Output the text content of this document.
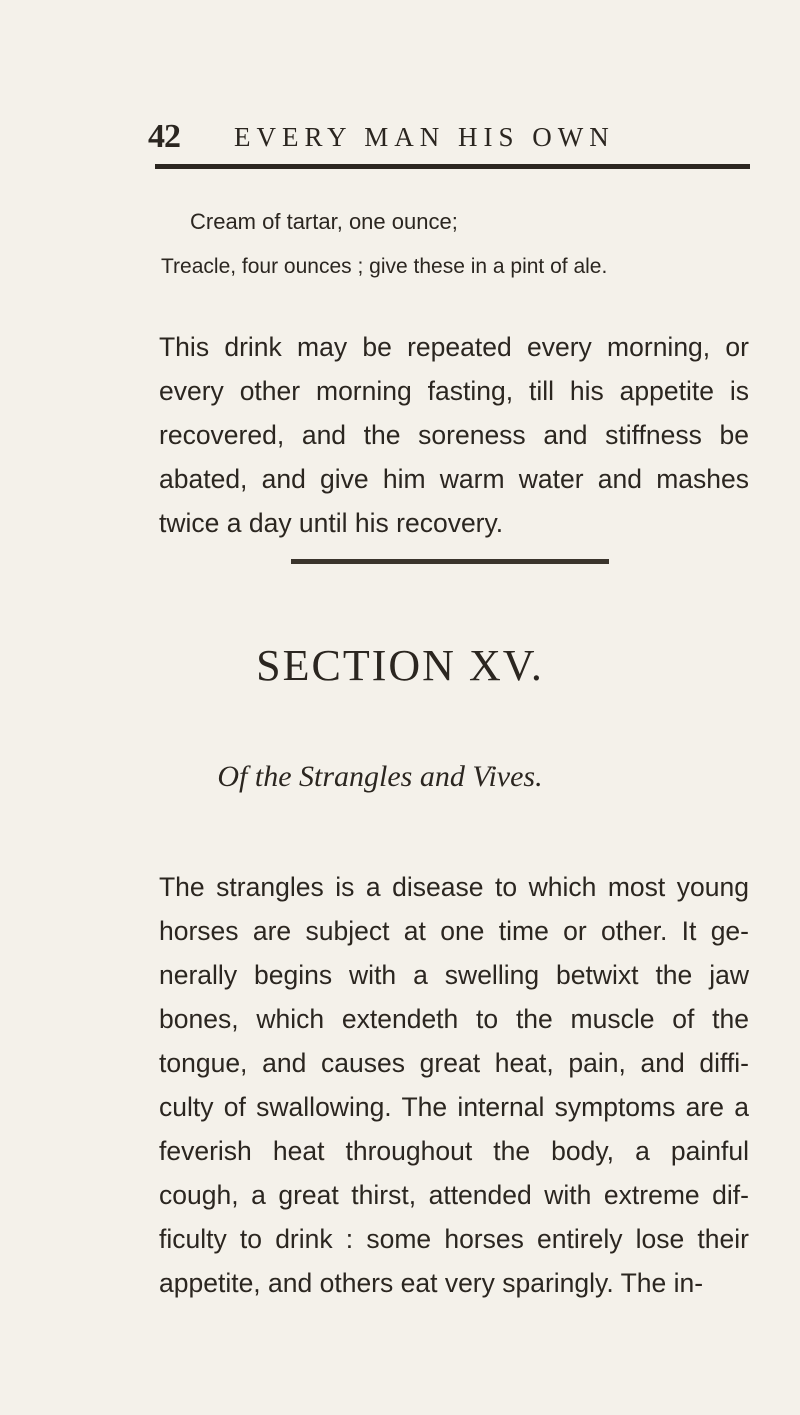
42 EVERY MAN HIS OWN
Cream of tartar, one ounce;
Treacle, four ounces ; give these in a pint of ale.

This drink may be repeated every morning, or every other morning fasting, till his appetite is recovered, and the soreness and stiffness be abated, and give him warm water and mashes twice a day until his recovery.

SECTION XV.
Of the Strangles and Vives.

The strangles is a disease to which most young horses are subject at one time or other. It ge-nerally begins with a swelling betwixt the jaw bones, which extendeth to the muscle of the tongue, and causes great heat, pain, and diffi-culty of swallowing. The internal symptoms are a feverish heat throughout the body, a painful cough, a great thirst, attended with extreme dif-ficulty to drink : some horses entirely lose their appetite, and others eat very sparingly. The in-
